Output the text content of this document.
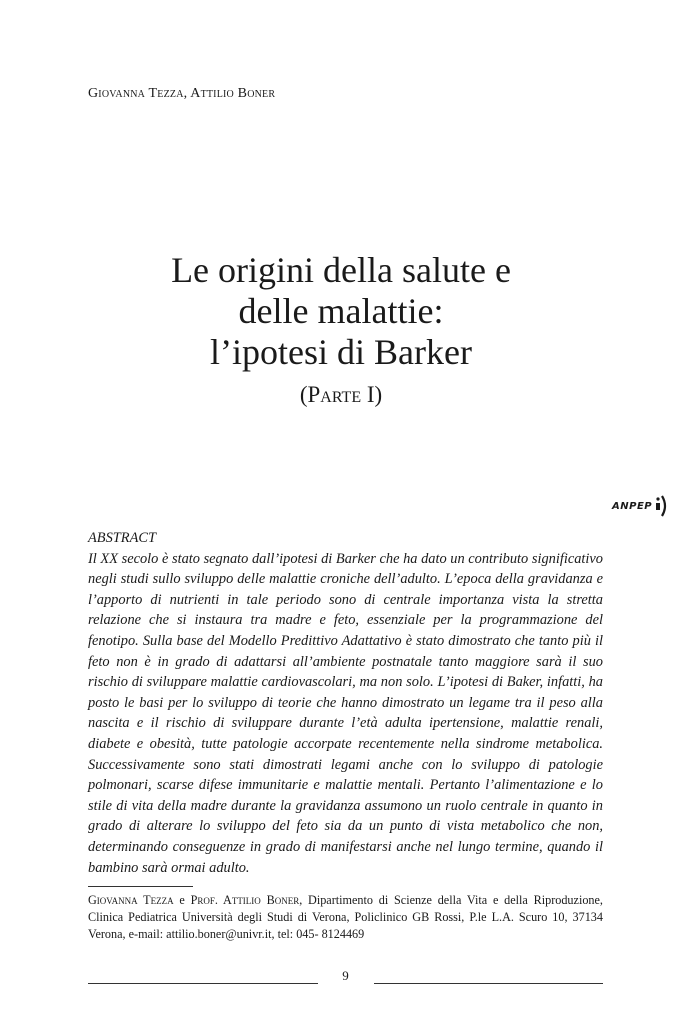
Giovanna Tezza, Attilio Boner
Le origini della salute e
delle malattie:
l’ipotesi di Barker
(Parte I)
ANPEP
ABSTRACT
Il XX secolo è stato segnato dall’ipotesi di Barker che ha dato un contributo significativo negli studi sullo sviluppo delle malattie croniche dell’adulto. L’epoca della gravidanza e l’apporto di nutrienti in tale periodo sono di centrale importanza vista la stretta relazione che si instaura tra madre e feto, essenziale per la programmazione del fenotipo. Sulla base del Modello Predittivo Adattativo è stato dimostrato che tanto più il feto non è in grado di adattarsi all’ambiente postnatale tanto maggiore sarà il suo rischio di sviluppare malattie cardiovascolari, ma non solo. L’ipotesi di Baker, infatti, ha posto le basi per lo sviluppo di teorie che hanno dimostrato un legame tra il peso alla nascita e il rischio di sviluppare durante l’età adulta ipertensione, malattie renali, diabete e obesità, tutte patologie accorpate recentemente nella sindrome metabolica. Successivamente sono stati dimostrati legami anche con lo sviluppo di patologie polmonari, scarse difese immunitarie e malattie mentali. Pertanto l’alimentazione e lo stile di vita della madre durante la gravidanza assumono un ruolo centrale in quanto in grado di alterare lo sviluppo del feto sia da un punto di vista metabolico che non, determinando conseguenze in grado di manifestarsi anche nel lungo termine, quando il bambino sarà ormai adulto.
Giovanna Tezza e Prof. Attilio Boner, Dipartimento di Scienze della Vita e della Riproduzione, Clinica Pediatrica Università degli Studi di Verona, Policlinico GB Rossi, P.le L.A. Scuro 10, 37134 Verona, e-mail: attilio.boner@univr.it, tel: 045- 8124469
9
